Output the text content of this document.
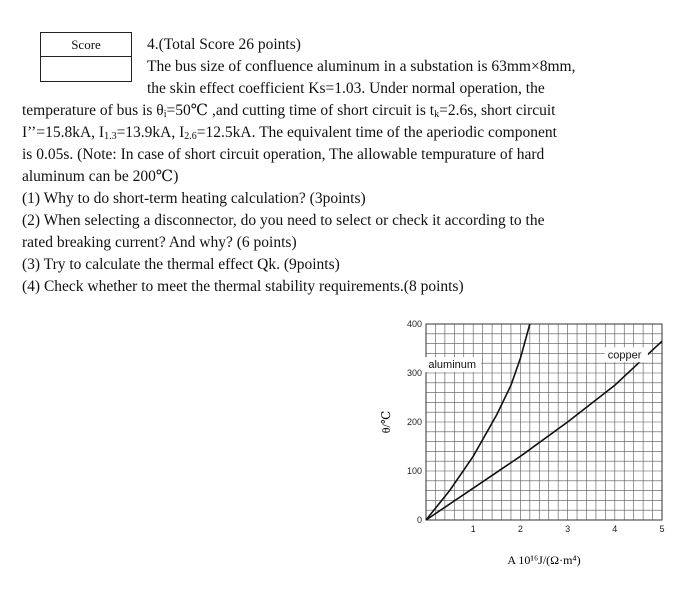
Score	4.(Total Score 26 points)
The bus size of confluence aluminum in a substation is 63mm×8mm,
the skin effect coefficient Ks=1.03. Under normal operation, the
temperature of bus is $\theta_i=50℃$ ,and cutting time of short circuit is $t_k=2.6s$, short circuit
I’’=15.8kA, $I_{1.3}=13.9kA$, $I_{2.6}=12.5kA$. The equivalent time of the aperiodic component
is 0.05s. (Note: In case of short circuit operation, The allowable tempurature of hard
aluminum can be 200℃)
(1) Why to do short-term heating calculation? (3points)
(2) When selecting a disconnector, do you need to select or check it according to the
rated breaking current? And why? (6 points)
(3) Try to calculate the thermal effect Qk. (9points)
(4) Check whether to meet the thermal stability requirements.(8 points)
0
100
200
300
400
1	2	3	4	5
aluminum
copper
θ/℃
A 10¹⁶J/(Ω·m⁴)
